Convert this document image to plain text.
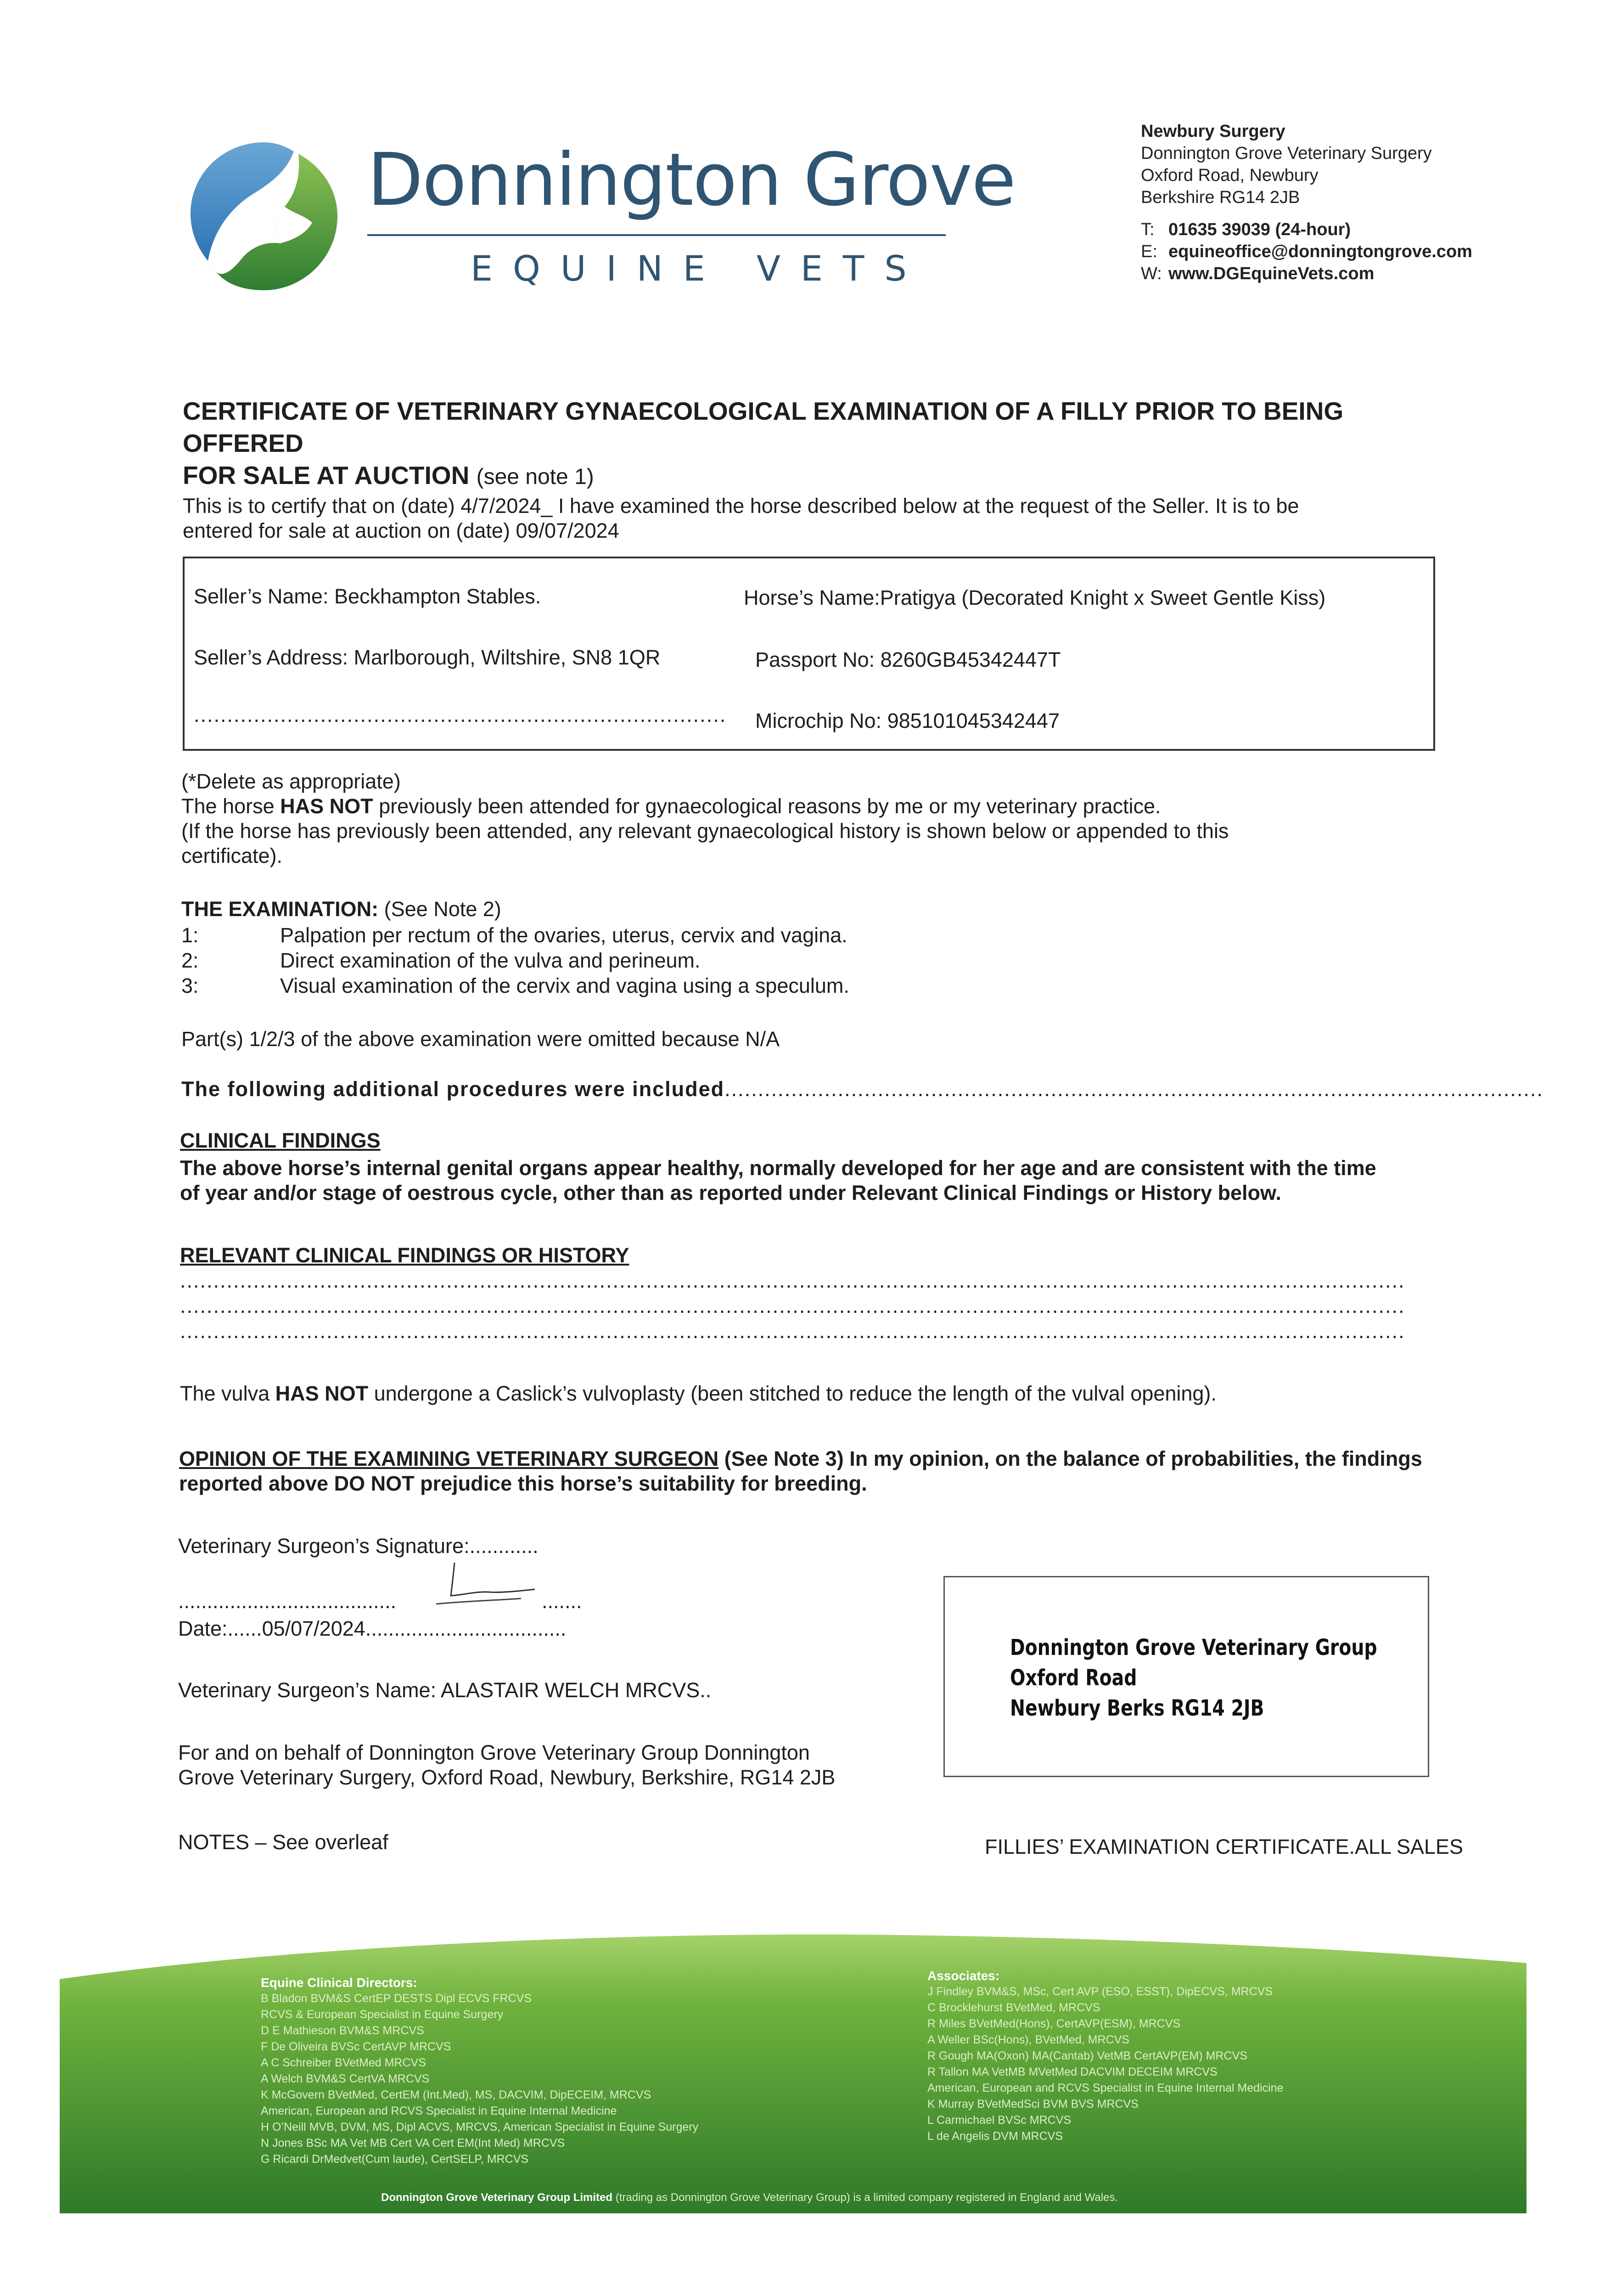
Donnington Grove
EQUINE VETS
Newbury Surgery
Donnington Grove Veterinary Surgery
Oxford Road, Newbury
Berkshire RG14 2JB
T: 01635 39039 (24-hour)
E: equineoffice@donningtongrove.com
W: www.DGEquineVets.com
CERTIFICATE OF VETERINARY GYNAECOLOGICAL EXAMINATION OF A FILLY PRIOR TO BEING OFFERED
FOR SALE AT AUCTION (see note 1)
This is to certify that on (date) 4/7/2024_ I have examined the horse described below at the request of the Seller. It is to be
entered for sale at auction on (date) 09/07/2024
Seller’s Name: Beckhampton Stables.	Horse’s Name:Pratigya (Decorated Knight x Sweet Gentle Kiss)
Seller’s Address: Marlborough, Wiltshire, SN8 1QR	Passport No: 8260GB45342447T
................................................................................ Microchip No: 985101045342447
(*Delete as appropriate)
The horse HAS NOT previously been attended for gynaecological reasons by me or my veterinary practice.
(If the horse has previously been attended, any relevant gynaecological history is shown below or appended to this
certificate).
THE EXAMINATION: (See Note 2)
1:	Palpation per rectum of the ovaries, uterus, cervix and vagina.
2:	Direct examination of the vulva and perineum.
3:	Visual examination of the cervix and vagina using a speculum.
Part(s) 1/2/3 of the above examination were omitted because N/A
The following additional procedures were included...........................................................................................................................
CLINICAL FINDINGS
The above horse’s internal genital organs appear healthy, normally developed for her age and are consistent with the time
of year and/or stage of oestrous cycle, other than as reported under Relevant Clinical Findings or History below.
RELEVANT CLINICAL FINDINGS OR HISTORY
........................................................................................................................................................................................
........................................................................................................................................................................................
........................................................................................................................................................................................
The vulva HAS NOT undergone a Caslick’s vulvoplasty (been stitched to reduce the length of the vulval opening).
OPINION OF THE EXAMINING VETERINARY SURGEON (See Note 3) In my opinion, on the balance of probabilities, the findings
reported above DO NOT prejudice this horse’s suitability for breeding.
Veterinary Surgeon’s Signature:............
......................................	.......
Date:......05/07/2024...................................
Veterinary Surgeon’s Name: ALASTAIR WELCH MRCVS..
For and on behalf of Donnington Grove Veterinary Group Donnington
Grove Veterinary Surgery, Oxford Road, Newbury, Berkshire, RG14 2JB
Donnington Grove Veterinary Group
Oxford Road
Newbury Berks RG14 2JB
NOTES – See overleaf	FILLIES’ EXAMINATION CERTIFICATE.ALL SALES
Equine Clinical Directors:
B Bladon BVM&S CertEP DESTS Dipl ECVS FRCVS
RCVS & European Specialist in Equine Surgery
D E Mathieson BVM&S MRCVS
F De Oliveira BVSc CertAVP MRCVS
A C Schreiber BVetMed MRCVS
A Welch BVM&S CertVA MRCVS
K McGovern BVetMed, CertEM (Int.Med), MS, DACVIM, DipECEIM, MRCVS
American, European and RCVS Specialist in Equine Internal Medicine
H O’Neill MVB, DVM, MS, Dipl ACVS, MRCVS, American Specialist in Equine Surgery
N Jones BSc MA Vet MB Cert VA Cert EM(Int Med) MRCVS
G Ricardi DrMedvet(Cum laude), CertSELP, MRCVS
Associates:
J Findley BVM&S, MSc, Cert AVP (ESO, ESST), DipECVS, MRCVS
C Brocklehurst BVetMed, MRCVS
R Miles BVetMed(Hons), CertAVP(ESM), MRCVS
A Weller BSc(Hons), BVetMed, MRCVS
R Gough MA(Oxon) MA(Cantab) VetMB CertAVP(EM) MRCVS
R Tallon MA VetMB MVetMed DACVIM DECEIM MRCVS
American, European and RCVS Specialist in Equine Internal Medicine
K Murray BVetMedSci BVM BVS MRCVS
L Carmichael BVSc MRCVS
L de Angelis DVM MRCVS
Donnington Grove Veterinary Group Limited (trading as Donnington Grove Veterinary Group) is a limited company registered in England and Wales.
